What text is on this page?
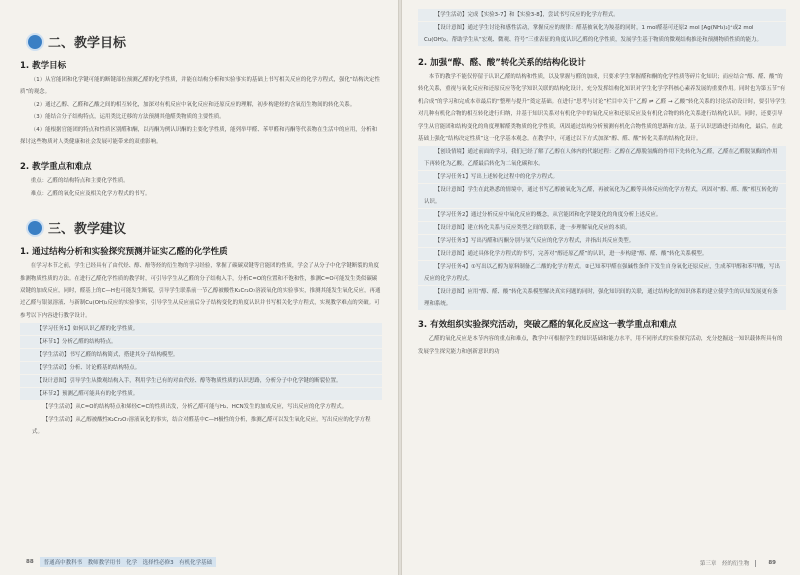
二、教学目标
1. 教学目标

（1）从官能团和化学键可能的断键部位预测乙醛的化学性质，并能在结构分析和实验事实的基础上书写相关反应的化学方程式，强化“结构决定性质”的观念。

（2）通过乙醇、乙醛和乙酸之间的相互转化，加深对有机反应中氧化反应和还原反应的理解，初步构建烃的含氧衍生物间的转化关系。

（3）能结合分子结构特点，运用类比迁移的方法预测其他醛类物质的主要性质。

（4）能根据官能团的特点和性质区别醛和酮，以丙酮为例认识酮的主要化学性质，能列举甲醛、苯甲醛和丙酮等代表物在生活中的应用，分析和探讨这些物质对人类健康和社会发展可能带来的双重影响。

2. 教学重点和难点

重点：乙醛的结构特点和主要化学性质。

难点：乙醛的氧化反应及相关化学方程式的书写。

三、教学建议
1. 通过结构分析和实验探究预测并证实乙醛的化学性质

在学习本节之前，学生已经具有了由代烃、醇、酚等烃的衍生物的学习经验，掌握了碳碳双键等官能团的性质，学会了从分子中化学键断裂的角度推测物质性质的方法。在进行乙醛化学性质的教学时，可引导学生从乙醛的分子结构入手，分析C=O的位置和不饱和性，推测C=O可能发生类似碳碳双键的加成反应，同时，醛基上的C—H也可能发生断裂，引导学生联系前一节乙醇被酸性K₂Cr₂O₇溶液氧化的实验事实，推测其能发生氧化反应，再通过乙醛与银氨溶液、与新制Cu(OH)₂反应的实验事实，引导学生从反应前后分子结构变化的角度认识并书写相关化学方程式，实现教学难点的突破。可参考以下内容进行教学设计。

【学习任务1】如何认识乙醛的化学性质。

【环节1】分析乙醛的结构特点。

【学生活动】书写乙醛的结构简式，搭建其分子结构模型。

【学生活动】分析、讨论醛基的结构特点。

【设计意图】引导学生从微观结构入手，利用学生已有的对由代烃、醇等物质性质的认识思路，分析分子中化学键的断裂位置。

【环节2】预测乙醛可能具有的化学性质。

【学生活动】从C=O的结构特点和烯烃C=C的性质出发，分析乙醛可能与H₂、HCN发生的加成反应，写出反应的化学方程式。

【学生活动】从乙醇被酸性K₂Cr₂O₇溶液氧化的事实，结合对醛基中C—H极性的分析，推测乙醛可以发生氧化反应，写出反应的化学方程式。

88	普通高中教科书　教师教学用书　化学　选择性必修3　有机化学基础

【学生活动】完成【实验3-7】和【实验3-8】，尝试书写反应的化学方程式。

【设计意图】通过学生讨论和感性活动，掌握反应的规律：醛基被氧化为羧基的同时，1 mol醛基可还原2 mol [Ag(NH₃)₂]⁺或2 mol Cu(OH)₂。帮助学生从“宏观、微观、符号”三重表征的角度认识乙醛的化学性质，发展学生基于物质的微观结构推论和预测物质性质的能力。

2. 加强“醇、醛、酸”转化关系的结构化设计

本节的教学不能仅停留于认识乙醛的结构和性质，以及掌握与醛的加成，只要求学生掌握醛和酮的化学性质等碎片化知识；而应结合“醇、醛、酸”的转化关系，重视与氧化反应和还原反应等化学知识关联的结构化设计，充分发挥结构化知识对学生化学学科核心素养发展的重要作用。同时也为第五节“有机合成”的学习和完成本章最后的“整理与提升”奠定基础。在进行“思考与讨论”栏目中关于“乙醇 ⇌ 乙醛 → 乙酸”转化关系的讨论活动设计时，要引导学生对几种有机化合物的相互转化进行归纳，并基于知识关系对有机化学中的氧化反应和还原反应及有机化合物的转化关系进行结构化认识。同时，还要引导学生从官能团和结构变化的角度理解醛类物质的化学性质，巩固通过结构分析预测有机化合物性质的思路和方法。基于认识思路进行结构化，最后，在此基础上强化“结构决定性质”这一化学基本观念。在教学中，可通过以下方式加深“醇、醛、酸”转化关系的结构化设计。

【创设情境】通过前面的学习，我们已经了解了乙醇在人体内的代谢过程：乙醇在乙醇脱氢酶的作用下先转化为乙醛，乙醛在乙醛脱氢酶的作用下再转化为乙酸，乙醛最后转化为二氧化碳和水。

【学习任务1】写出上述转化过程中的化学方程式。

【设计意图】学生在此熟悉的情境中，通过书写乙醇被氧化为乙醛，再被氧化为乙酸等具体反应的化学方程式，巩固对“醇、醛、酸”相互转化的认识。

【学习任务2】通过分析反应中氧化反应的概念，从官能团和化学键变化的角度分析上述反应。

【设计意图】建立转化关系与反应类型之间的联系，进一步理解氧化反应的本质。

【学习任务3】写出丙醛和丙酮分别与氢气反应的化学方程式，并指出其反应类型。

【设计意图】通过具体化学方程式的书写，完善对“醇还原乙醛”的认识，进一步构建“醇、醛、酸”转化关系模型。

【学习任务4】①写出以乙醇为原料制备乙二酸的化学方程式。②已知苯甲醛在强碱性条件下发生自身氧化还原反应，生成苯甲醇和苯甲酸，写出反应的化学方程式。

【设计意图】应用“醇、醛、酸”转化关系模型解决真实问题的同时，强化知识间的关联，通过结构化的知识体系的建立使学生的认知发展更有条理和系统。

3. 有效组织实验探究活动，突破乙醛的氧化反应这一教学重点和难点

乙醛的氧化反应是本节内容的重点和难点，教学中可根据学生的知识基础和能力水平，用不同形式的实验探究活动，充分挖掘这一知识载体所具有的发展学生探究能力和创新意识的功

第三章　烃的衍生物	89
